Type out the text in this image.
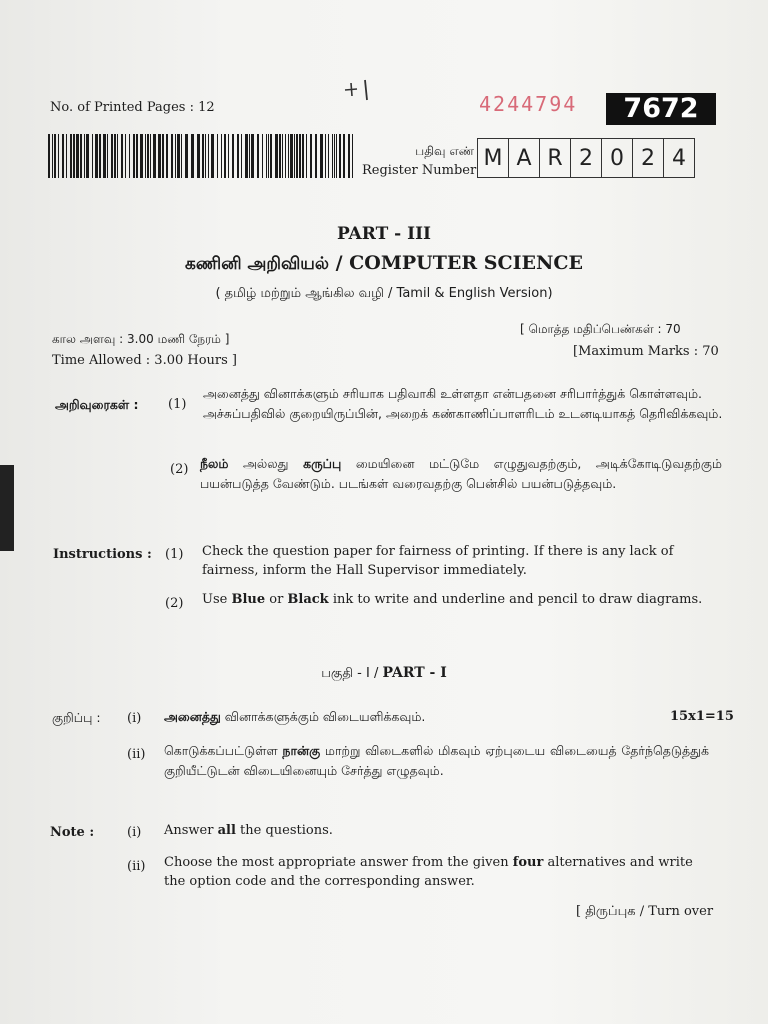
No. of Printed Pages : 12	4244794	7672
பதிவு எண்
Register Number M A R 2 0 2 4
PART - III
கணினி அறிவியல் / COMPUTER SCIENCE
( தமிழ் மற்றும் ஆங்கில வழி / Tamil & English Version)
கால அளவு : 3.00 மணி நேரம் ]
Time Allowed : 3.00 Hours ]
[ மொத்த மதிப்பெண்கள் : 70
[Maximum Marks : 70
அறிவுரைகள் : (1)
அனைத்து வினாக்களும் சரியாக பதிவாகி உள்ளதா என்பதனை சரிபார்த்துக் கொள்ளவும். அச்சுப்பதிவில் குறையிருப்பின், அறைக் கண்காணிப்பாளரிடம் உடனடியாகத் தெரிவிக்கவும்.
(2) நீலம் அல்லது கருப்பு மையினை மட்டுமே எழுதுவதற்கும், அடிக்கோடிடுவதற்கும் பயன்படுத்த வேண்டும். படங்கள் வரைவதற்கு பென்சில் பயன்படுத்தவும்.
Instructions : (1) Check the question paper for fairness of printing. If there is any lack of fairness, inform the Hall Supervisor immediately.
(2) Use Blue or Black ink to write and underline and pencil to draw diagrams.
பகுதி - I / PART - I
குறிப்பு : (i) அனைத்து வினாக்களுக்கும் விடையளிக்கவும்.	15x1=15
(ii) கொடுக்கப்பட்டுள்ள நான்கு மாற்று விடைகளில் மிகவும் ஏற்புடைய விடையைத் தேர்ந்தெடுத்துக் குறியீட்டுடன் விடையினையும் சேர்த்து எழுதவும்.
Note :	(i) Answer all the questions.
(ii) Choose the most appropriate answer from the given four alternatives and write the option code and the corresponding answer.
[ திருப்புக / Turn over
